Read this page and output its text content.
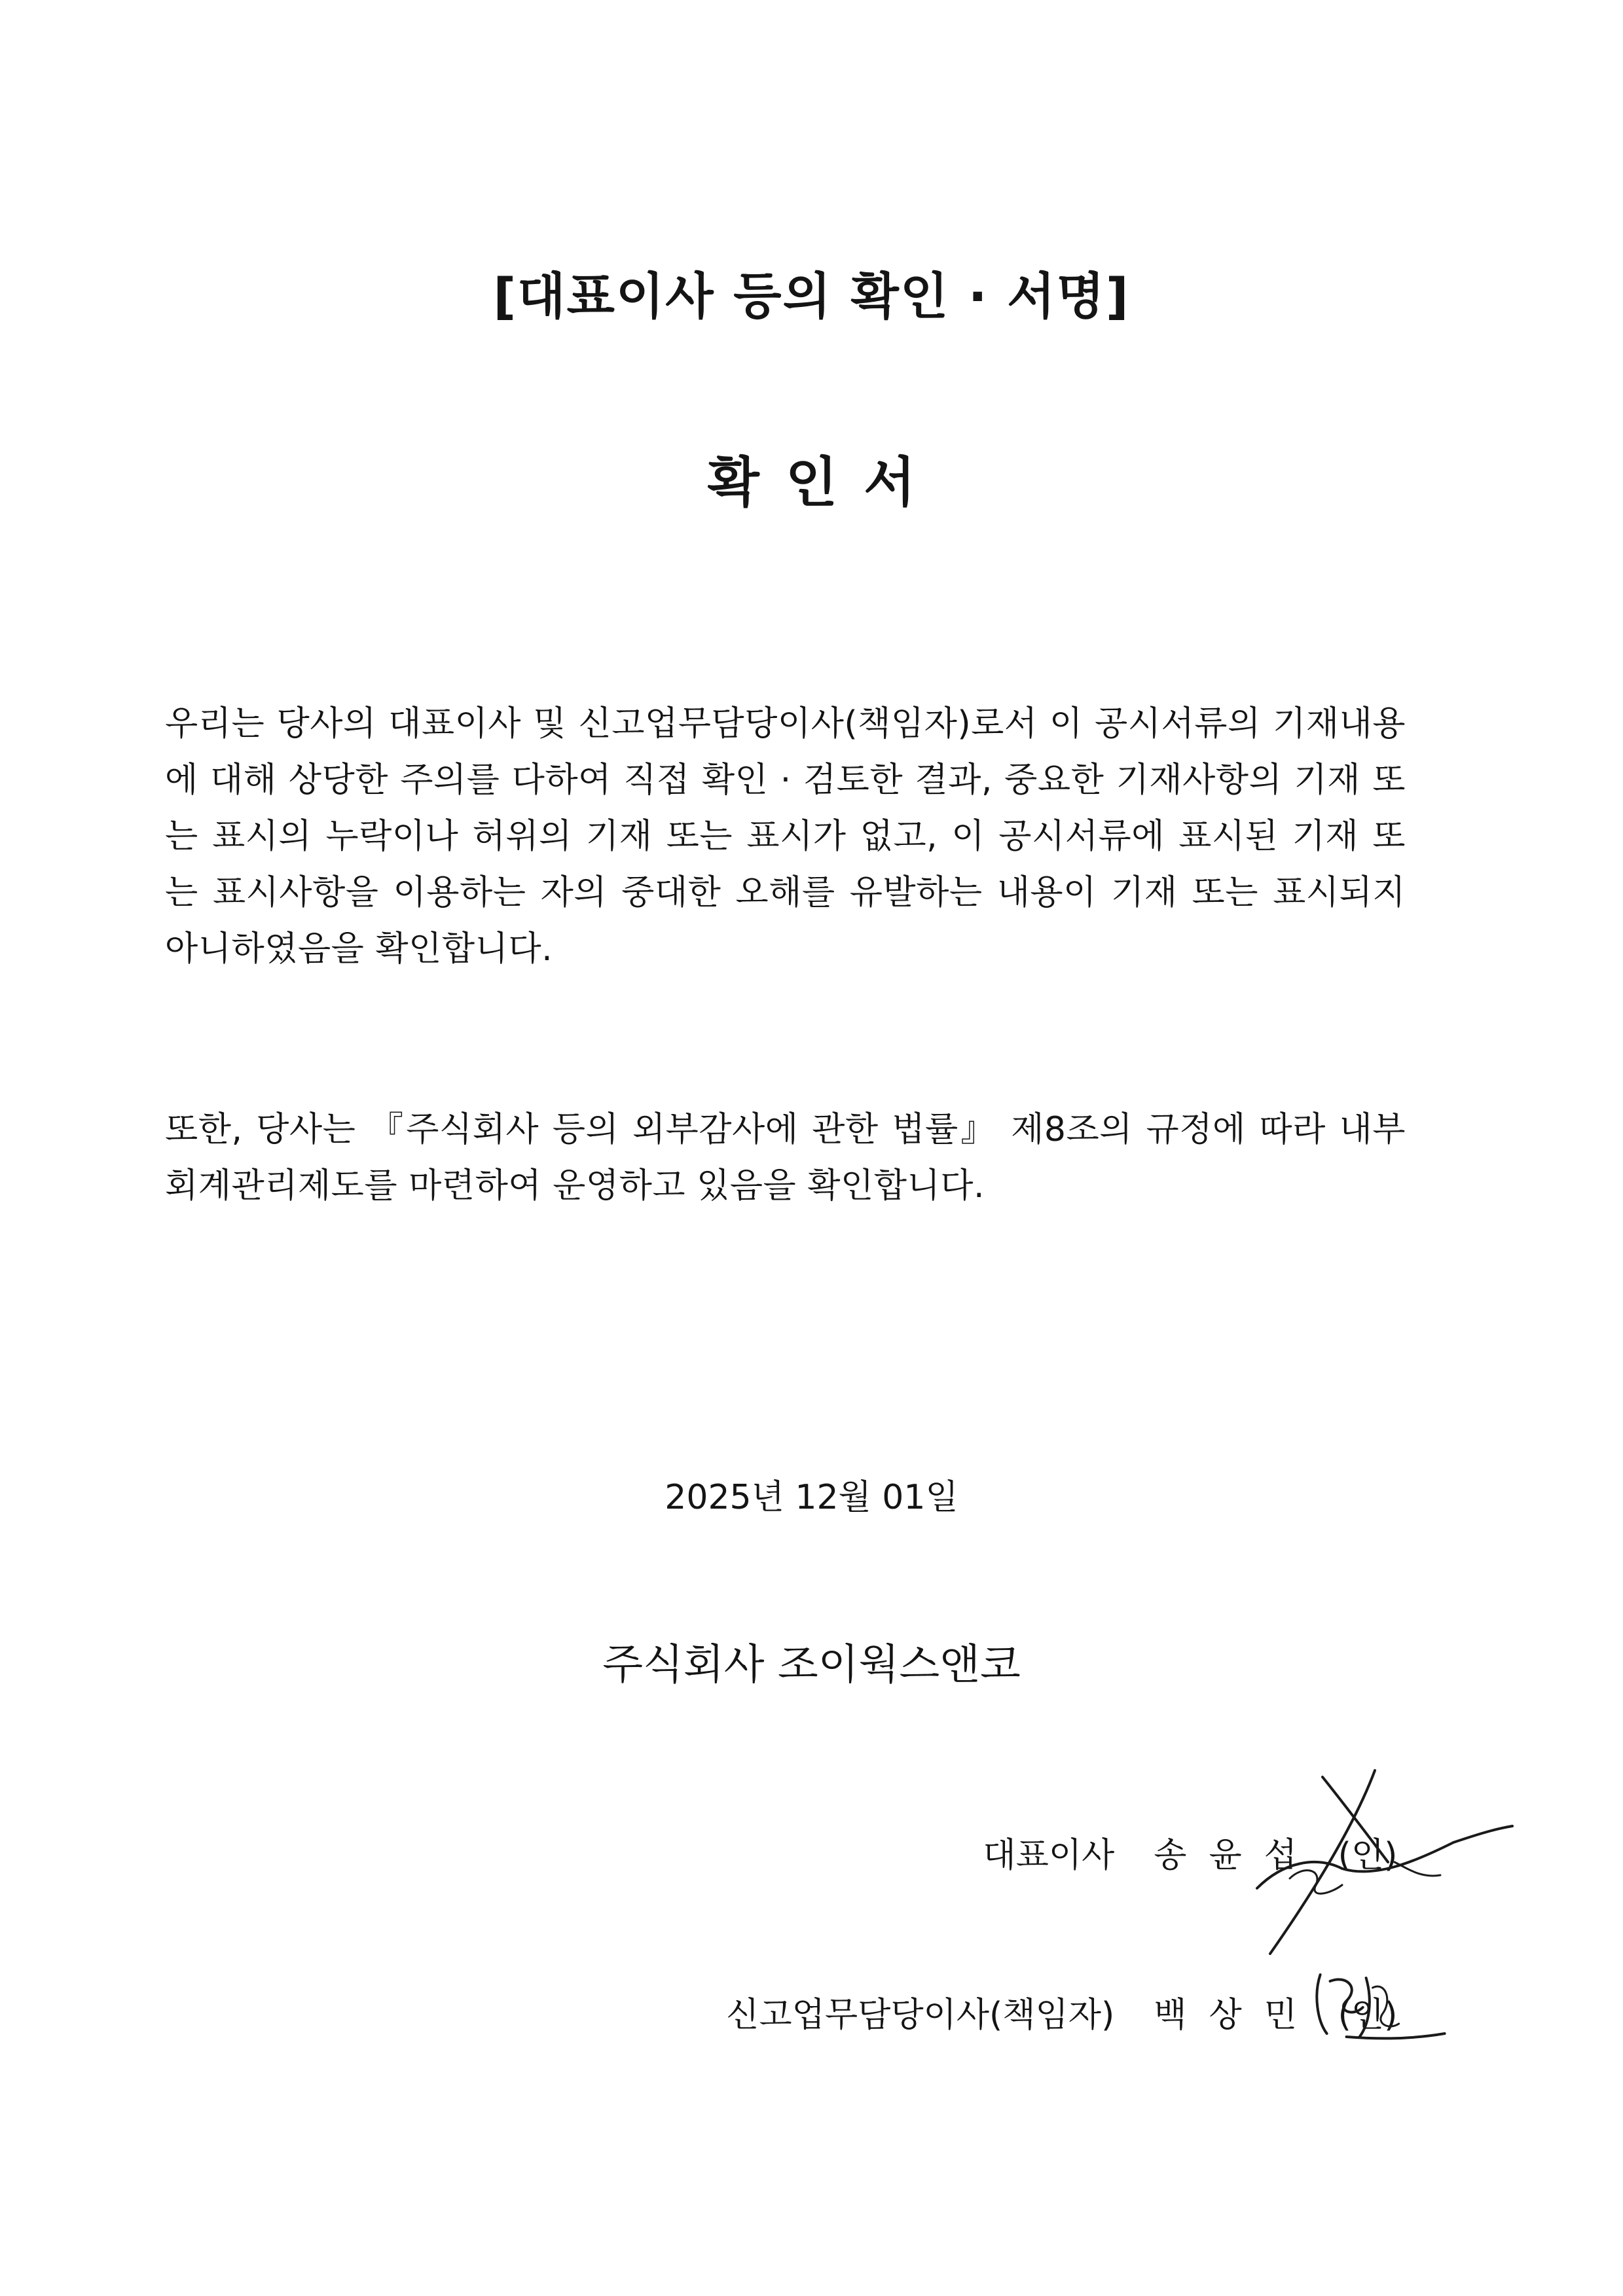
[대표이사 등의 확인 · 서명]
확인서

우리는 당사의 대표이사 및 신고업무담당이사(책임자)로서 이 공시서류의 기재내용에 대해 상당한 주의를 다하여 직접 확인 · 검토한 결과, 중요한 기재사항의 기재 또는 표시의 누락이나 허위의 기재 또는 표시가 없고, 이 공시서류에 표시된 기재 또는 표시사항을 이용하는 자의 중대한 오해를 유발하는 내용이 기재 또는 표시되지 아니하였음을 확인합니다.

또한, 당사는 『주식회사 등의 외부감사에 관한 법률』 제8조의 규정에 따라 내부회계관리제도를 마련하여 운영하고 있음을 확인합니다.

2025년 12월 01일

주식회사 조이웍스앤코

대표이사 송윤섭 (인)
신고업무담당이사(책임자) 백상민 (인)
